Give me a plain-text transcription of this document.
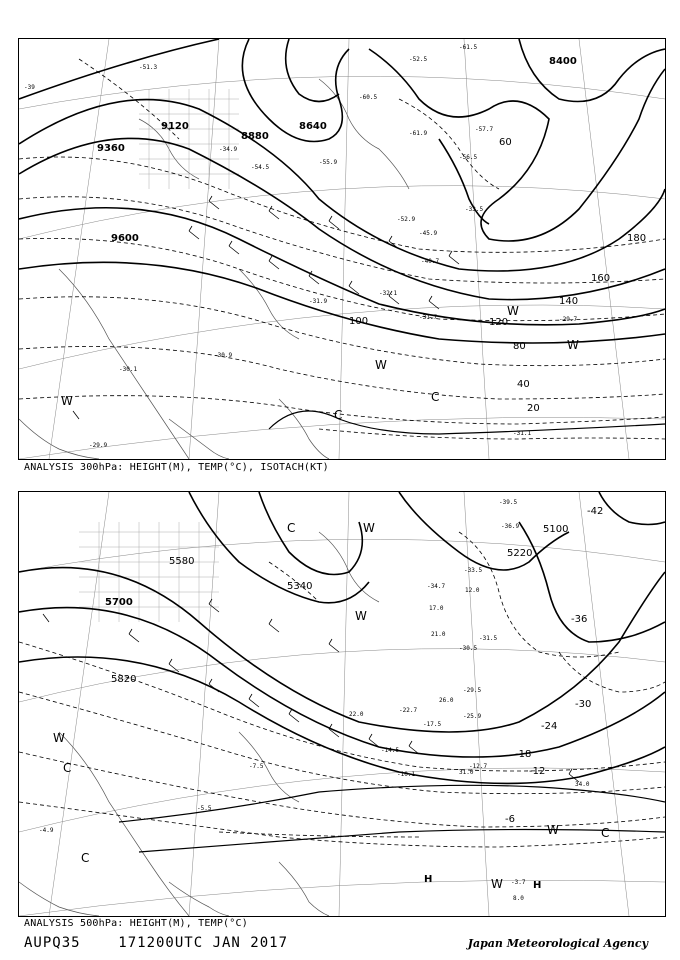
9120
9360
9600
8640
8880
8400
20
40
60
80
100	120
140
160
180
C
C
W
W
W
W
-51.3
-54.5
-55.9
-61.9
-52.5
-60.5
-57.7
-56.5
-52.9
-45.9
-40.7
-33.5
-32.1
-31.9
-31.7	-29.7
-30.9
-30.1
-29.9
-31.1
-34.9
-61.5
-39
ANALYSIS 300hPa: HEIGHT(M), TEMP(°C), ISOTACH(KT)
5580
5700
5820
5340
5100
5220
-42
-36
-30
-24
-18
-12
-6
C
C
C
C
W
W
W
W
W
H
H
-39.5
-36.9
-34.7
-33.5
-31.5
-30.5
-29.5
-25.9
-22.7
-17.5
-14.5
-12.7
-10.1
-7.5
-5.5
-3.7
17.0
21.0
22.0
26.0
31.0
34.0
8.0
12.0
-4.9
ANALYSIS 500hPa: HEIGHT(M), TEMP(°C)
AUPQ35    171200UTC JAN 2017	Japan Meteorological Agency
